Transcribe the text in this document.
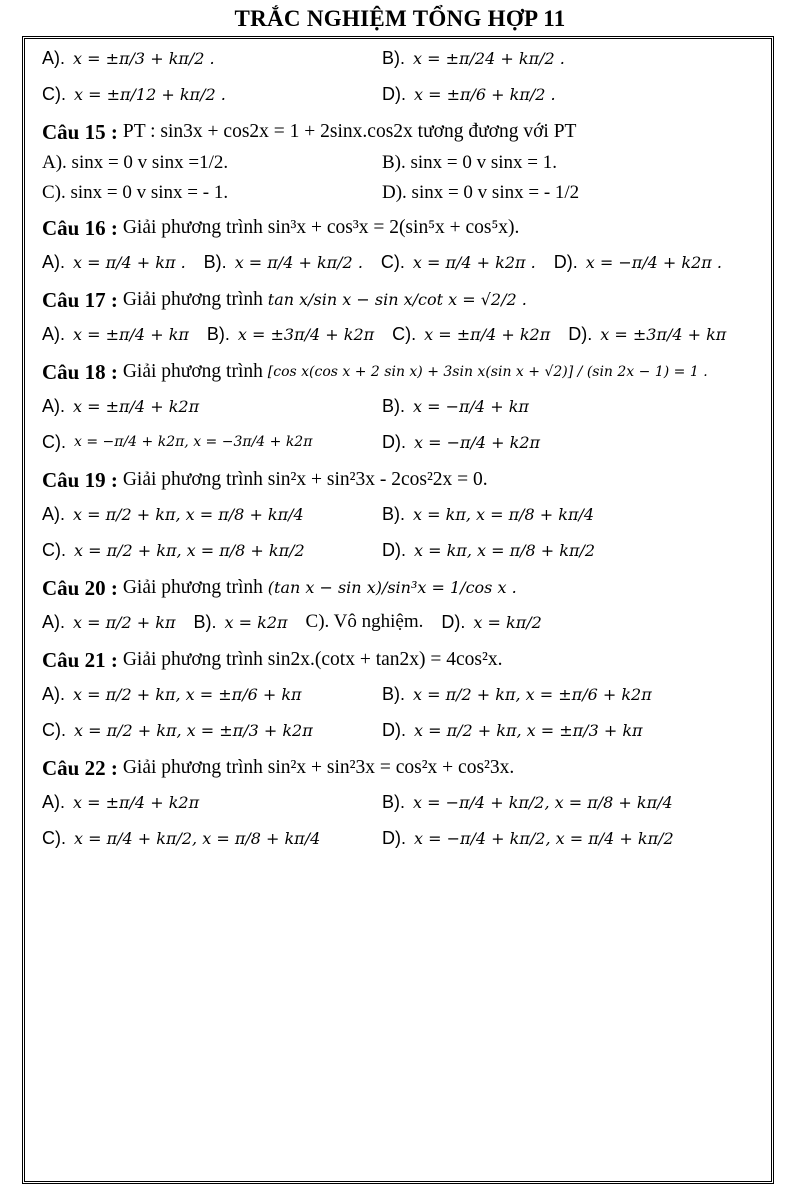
TRẮC NGHIỆM TỔNG HỢP 11
A). x = ±π/3 + kπ/2 .	B). x = ±π/24 + kπ/2 .
C). x = ±π/12 + kπ/2 .	D). x = ±π/6 + kπ/2 .
Câu 15 : PT : sin3x + cos2x = 1 + 2sinx.cos2x tương đương với PT
A). sinx = 0 v sinx =1/2.	B). sinx = 0 v sinx = 1.
C). sinx = 0 v sinx = - 1.	D). sinx = 0 v sinx = - 1/2
Câu 16 : Giải phương trình sin³x + cos³x = 2(sin⁵x + cos⁵x).
A). x = π/4 + kπ . B). x = π/4 + kπ/2 . C). x = π/4 + k2π . D). x = −π/4 + k2π .
Câu 17 : Giải phương trình
tan x/sin x − sin x/cot x = √2/2 .
A). x = ±π/4 + kπ B). x = ±3π/4 + k2π C). x = ±π/4 + k2π D). x = ±3π/4 + kπ
Câu 18 : Giải phương trình
[cos x(cos x + 2 sin x) + 3sin x(sin x + √2)] / (sin 2x − 1) = 1 .
A). x = ±π/4 + k2π	B). x = −π/4 + kπ
C). x = −π/4 + k2π, x = −3π/4 + k2π	D). x = −π/4 + k2π
Câu 19 : Giải phương trình sin²x + sin²3x - 2cos²2x = 0.
A). x = π/2 + kπ, x = π/8 + kπ/4	B). x = kπ, x = π/8 + kπ/4
C). x = π/2 + kπ, x = π/8 + kπ/2	D). x = kπ, x = π/8 + kπ/2
Câu 20 : Giải phương trình
(tan x − sin x)/sin³x = 1/cos x .
A). x = π/2 + kπ B). x = k2π C). Vô nghiệm. D). x = kπ/2
Câu 21 : Giải phương trình sin2x.(cotx + tan2x) = 4cos²x.
A). x = π/2 + kπ, x = ±π/6 + kπ	B). x = π/2 + kπ, x = ±π/6 + k2π
C). x = π/2 + kπ, x = ±π/3 + k2π	D). x = π/2 + kπ, x = ±π/3 + kπ
Câu 22 : Giải phương trình sin²x + sin²3x = cos²x + cos²3x.
A). x = ±π/4 + k2π	B). x = −π/4 + kπ/2, x = π/8 + kπ/4
C). x = π/4 + kπ/2, x = π/8 + kπ/4	D). x = −π/4 + kπ/2, x = π/4 + kπ/2
